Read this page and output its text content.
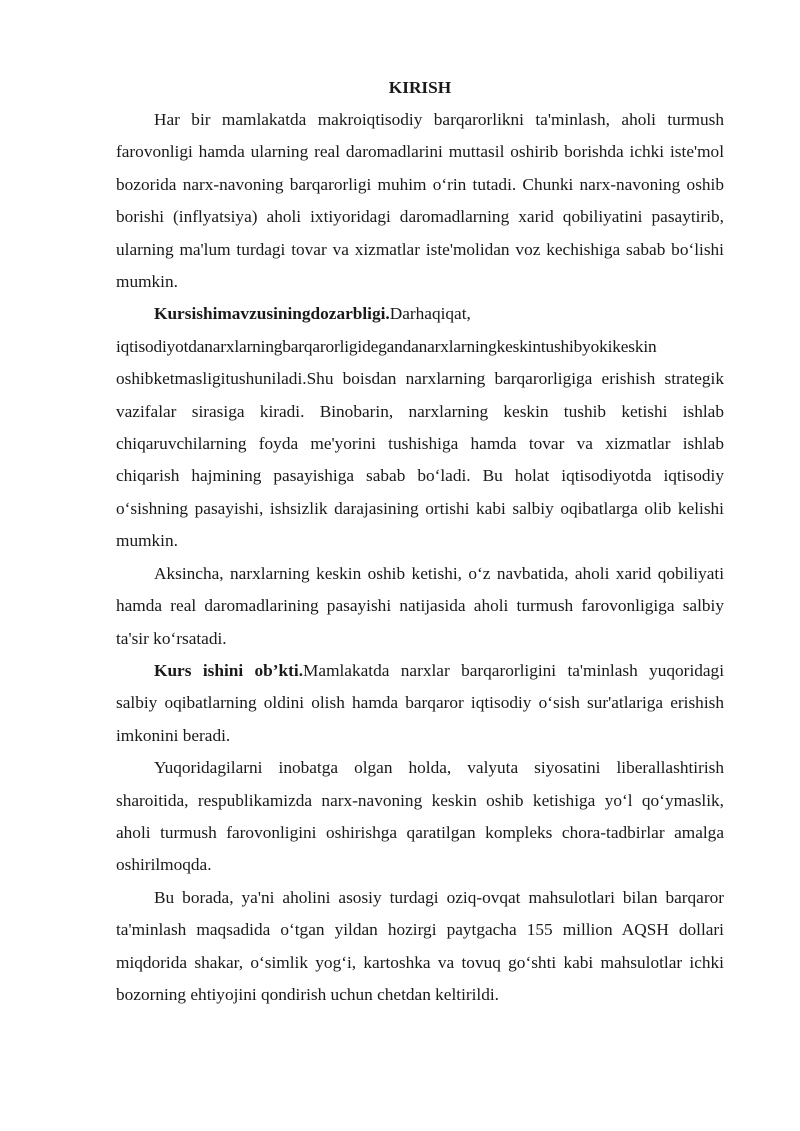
KIRISH

Har bir mamlakatda makroiqtisodiy barqarorlikni ta'minlash, aholi turmush farovonligi hamda ularning real daromadlarini muttasil oshirib borishda ichki iste'mol bozorida narx-navoning barqarorligi muhim o‘rin tutadi. Chunki narx-navoning oshib borishi (inflyatsiya) aholi ixtiyoridagi daromadlarning xarid qobiliyatini pasaytirib, ularning ma'lum turdagi tovar va xizmatlar iste'molidan voz kechishiga sabab bo‘lishi mumkin.

Kursishimavzusiningdozarbligi.Darhaqiqat,

iqtisodiyotdanarxlarningbarqarorligidegandanarxlarningkeskintushibyokikeskin

oshibketmasligitushuniladi.Shu boisdan narxlarning barqarorligiga erishish strategik vazifalar sirasiga kiradi. Binobarin, narxlarning keskin tushib ketishi ishlab chiqaruvchilarning foyda me'yorini tushishiga hamda tovar va xizmatlar ishlab chiqarish hajmining pasayishiga sabab bo‘ladi. Bu holat iqtisodiyotda iqtisodiy o‘sishning pasayishi, ishsizlik darajasining ortishi kabi salbiy oqibatlarga olib kelishi mumkin.

Aksincha, narxlarning keskin oshib ketishi, o‘z navbatida, aholi xarid qobiliyati hamda real daromadlarining pasayishi natijasida aholi turmush farovonligiga salbiy ta'sir ko‘rsatadi.

Kurs ishini ob’kti.Mamlakatda narxlar barqarorligini ta'minlash yuqoridagi salbiy oqibatlarning oldini olish hamda barqaror iqtisodiy o‘sish sur'atlariga erishish imkonini beradi.

Yuqoridagilarni inobatga olgan holda, valyuta siyosatini liberallashtirish sharoitida, respublikamizda narx-navoning keskin oshib ketishiga yo‘l qo‘ymaslik, aholi turmush farovonligini oshirishga qaratilgan kompleks chora-tadbirlar amalga oshirilmoqda.

Bu borada, ya'ni aholini asosiy turdagi oziq-ovqat mahsulotlari bilan barqaror ta'minlash maqsadida o‘tgan yildan hozirgi paytgacha 155 million AQSH dollari miqdorida shakar, o‘simlik yog‘i, kartoshka va tovuq go‘shti kabi mahsulotlar ichki bozorning ehtiyojini qondirish uchun chetdan keltirildi.
